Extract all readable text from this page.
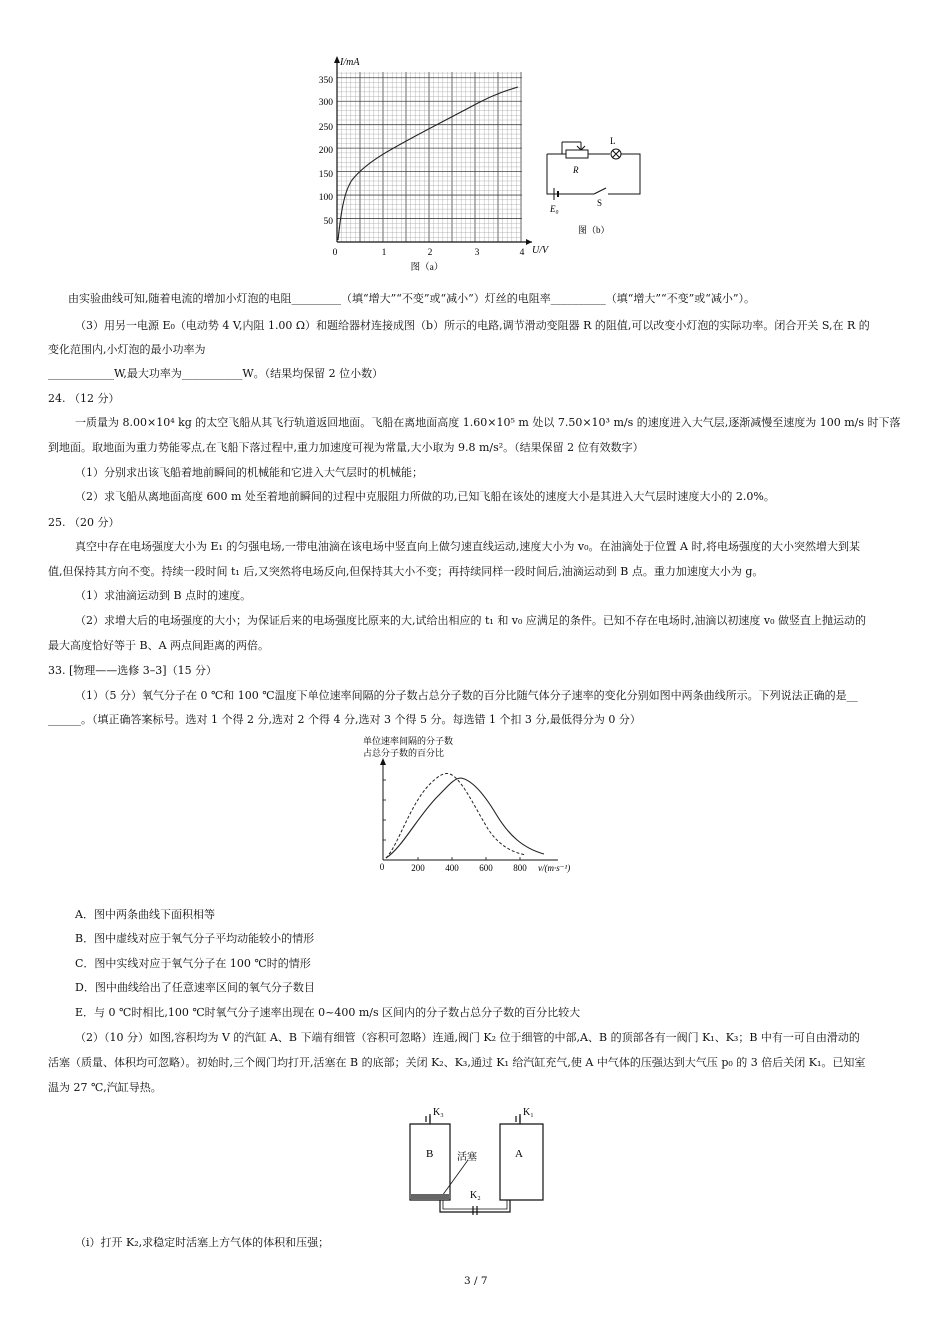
I/mA
U/V
350
300
250
200
150
100
50
0	1	2	3	4
图（a）
L
R
E₀
S
图（b）
由实验曲线可知,随着电流的增加小灯泡的电阻_________（填“增大”“不变”或“减小”）灯丝的电阻率__________（填“增大”“不变”或“减小”）。
（3）用另一电源 E₀（电动势 4 V,内阻 1.00 Ω）和题给器材连接成图（b）所示的电路,调节滑动变阻器 R 的阻值,可以改变小灯泡的实际功率。闭合开关 S,在 R 的
变化范围内,小灯泡的最小功率为
____________W,最大功率为___________W。（结果均保留 2 位小数）
24. （12 分）
一质量为 8.00×10⁴ kg 的太空飞船从其飞行轨道返回地面。飞船在离地面高度 1.60×10⁵ m 处以 7.50×10³ m/s 的速度进入大气层,逐渐减慢至速度为 100 m/s 时下落
到地面。取地面为重力势能零点,在飞船下落过程中,重力加速度可视为常量,大小取为 9.8 m/s²。（结果保留 2 位有效数字）
（1）分别求出该飞船着地前瞬间的机械能和它进入大气层时的机械能；
（2）求飞船从离地面高度 600 m 处至着地前瞬间的过程中克服阻力所做的功,已知飞船在该处的速度大小是其进入大气层时速度大小的 2.0%。
25. （20 分）
真空中存在电场强度大小为 E₁ 的匀强电场,一带电油滴在该电场中竖直向上做匀速直线运动,速度大小为 v₀。在油滴处于位置 A 时,将电场强度的大小突然增大到某
值,但保持其方向不变。持续一段时间 t₁ 后,又突然将电场反向,但保持其大小不变；再持续同样一段时间后,油滴运动到 B 点。重力加速度大小为 g。
（1）求油滴运动到 B 点时的速度。
（2）求增大后的电场强度的大小；为保证后来的电场强度比原来的大,试给出相应的 t₁ 和 v₀ 应满足的条件。已知不存在电场时,油滴以初速度 v₀ 做竖直上抛运动的
最大高度恰好等于 B、A 两点间距离的两倍。
33. [物理——选修 3–3]（15 分）
（1）（5 分）氧气分子在 0 ℃和 100 ℃温度下单位速率间隔的分子数占总分子数的百分比随气体分子速率的变化分别如图中两条曲线所示。下列说法正确的是__
______。（填正确答案标号。选对 1 个得 2 分,选对 2 个得 4 分,选对 3 个得 5 分。每选错 1 个扣 3 分,最低得分为 0 分）
单位速率间隔的分子数
占总分子数的百分比
0	200 400 600 800 v/(m·s⁻¹)
A．图中两条曲线下面积相等
B．图中虚线对应于氧气分子平均动能较小的情形
C．图中实线对应于氧气分子在 100 ℃时的情形
D．图中曲线给出了任意速率区间的氧气分子数目
E．与 0 ℃时相比,100 ℃时氧气分子速率出现在 0~400 m/s 区间内的分子数占总分子数的百分比较大
（2）（10 分）如图,容积均为 V 的汽缸 A、B 下端有细管（容积可忽略）连通,阀门 K₂ 位于细管的中部,A、B 的顶部各有一阀门 K₁、K₃；B 中有一可自由滑动的
活塞（质量、体积均可忽略）。初始时,三个阀门均打开,活塞在 B 的底部；关闭 K₂、K₃,通过 K₁ 给汽缸充气,使 A 中气体的压强达到大气压 p₀ 的 3 倍后关闭 K₁。已知室
温为 27 ℃,汽缸导热。
K₃	K₁
B	A
活塞
K₂
（i）打开 K₂,求稳定时活塞上方气体的体积和压强；
3 / 7
